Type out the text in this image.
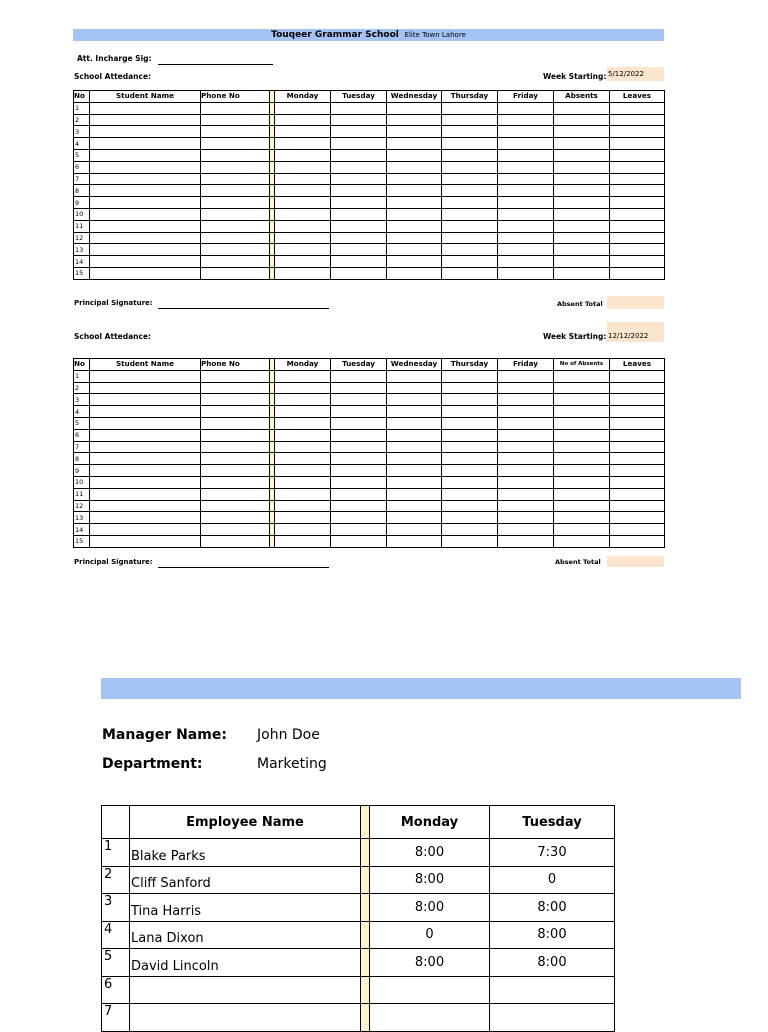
Touqeer Grammar School Elite Town Lahore
Att. Incharge Sig:
School Attedance:	Week Starting: 5/12/2022
No	Student Name	Phone No		Monday	Tuesday	Wednesday	Thursday	Friday	Absents	Leaves
1										
2										
3										
4										
5										
6										
7										
8										
9										
10										
11										
12										
13										
14										
15										
Principal Signature:	Absent Total
School Attedance:	Week Starting: 12/12/2022
No	Student Name	Phone No		Monday	Tuesday	Wednesday	Thursday	Friday	No of Absents	Leaves
1										
2										
3										
4										
5										
6										
7										
8										
9										
10										
11										
12										
13										
14										
15										
Principal Signature:	Absent Total
Manager Name: John Doe
Department:	Marketing
	Employee Name		Monday	Tuesday
1	Blake Parks		8:00	7:30
2	Cliff Sanford		8:00	0
3	Tina Harris		8:00	8:00
4	Lana Dixon		0	8:00
5	David Lincoln		8:00	8:00
6				
7				
